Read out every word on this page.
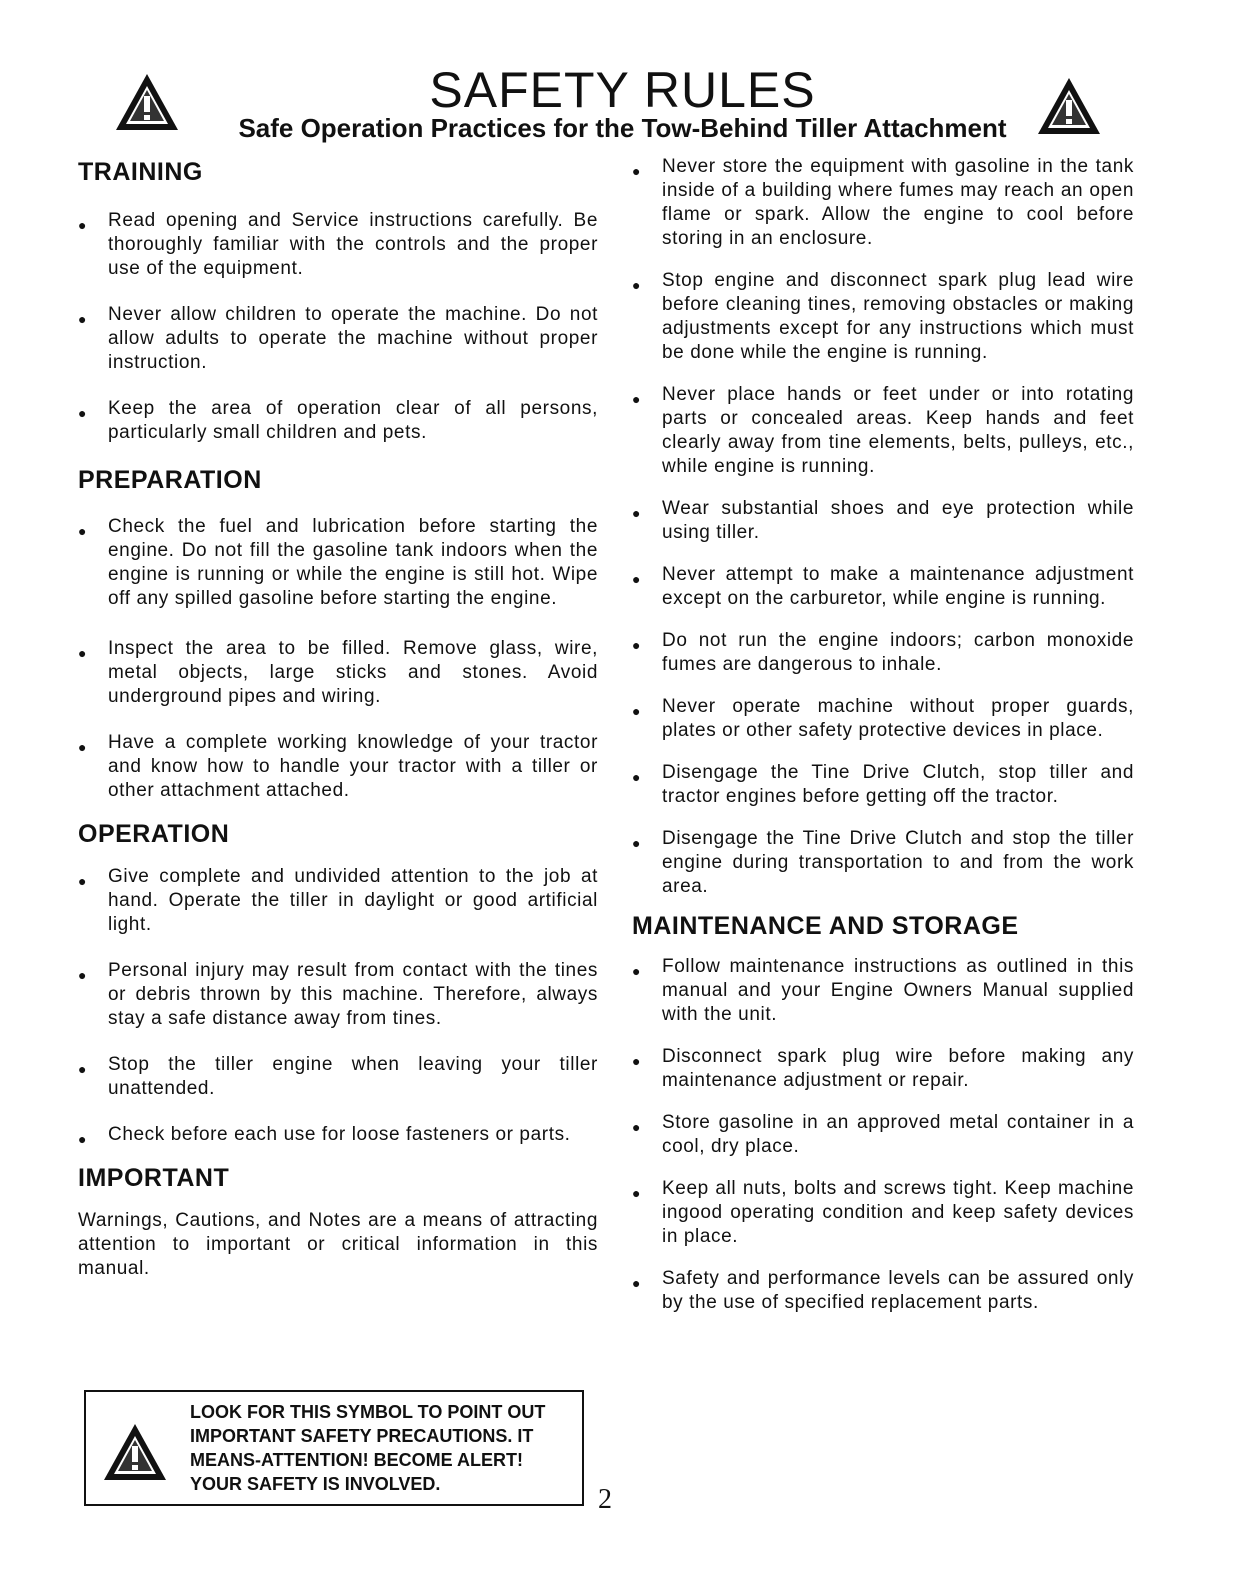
SAFETY RULES
Safe Operation Practices for the Tow-Behind Tiller Attachment
TRAINING
● Read opening and Service instructions carefully. Be thoroughly familiar with the controls and the proper use of the equipment.
● Never allow children to operate the machine. Do not allow adults to operate the machine without proper instruction.
● Keep the area of operation clear of all persons, particularly small children and pets.
PREPARATION
● Check the fuel and lubrication before starting the engine. Do not fill the gasoline tank indoors when the engine is running or while the engine is still hot. Wipe off any spilled gasoline before starting the engine.
● Inspect the area to be filled. Remove glass, wire, metal objects, large sticks and stones. Avoid underground pipes and wiring.
● Have a complete working knowledge of your tractor and know how to handle your tractor with a tiller or other attachment attached.
OPERATION
● Give complete and undivided attention to the job at hand. Operate the tiller in daylight or good artificial light.
● Personal injury may result from contact with the tines or debris thrown by this machine. Therefore, always stay a safe distance away from tines.
● Stop the tiller engine when leaving your tiller unattended.
● Check before each use for loose fasteners or parts.
IMPORTANT
Warnings, Cautions, and Notes are a means of attracting attention to important or critical information in this manual.
LOOK FOR THIS SYMBOL TO POINT OUT IMPORTANT SAFETY PRECAUTIONS. IT MEANS-ATTENTION! BECOME ALERT! YOUR SAFETY IS INVOLVED.	2
● Never store the equipment with gasoline in the tank inside of a building where fumes may reach an open flame or spark. Allow the engine to cool before storing in an enclosure.
● Stop engine and disconnect spark plug lead wire before cleaning tines, removing obstacles or making adjustments except for any instructions which must be done while the engine is running.
● Never place hands or feet under or into rotating parts or concealed areas. Keep hands and feet clearly away from tine elements, belts, pulleys, etc., while engine is running.
● Wear substantial shoes and eye protection while using tiller.
● Never attempt to make a maintenance adjustment except on the carburetor, while engine is running.
● Do not run the engine indoors; carbon monoxide fumes are dangerous to inhale.
● Never operate machine without proper guards, plates or other safety protective devices in place.
● Disengage the Tine Drive Clutch, stop tiller and tractor engines before getting off the tractor.
● Disengage the Tine Drive Clutch and stop the tiller engine during transportation to and from the work area.
MAINTENANCE AND STORAGE
● Follow maintenance instructions as outlined in this manual and your Engine Owners Manual supplied with the unit.
● Disconnect spark plug wire before making any maintenance adjustment or repair.
● Store gasoline in an approved metal container in a cool, dry place.
● Keep all nuts, bolts and screws tight. Keep machine ingood operating condition and keep safety devices in place.
● Safety and performance levels can be assured only by the use of specified replacement parts.
